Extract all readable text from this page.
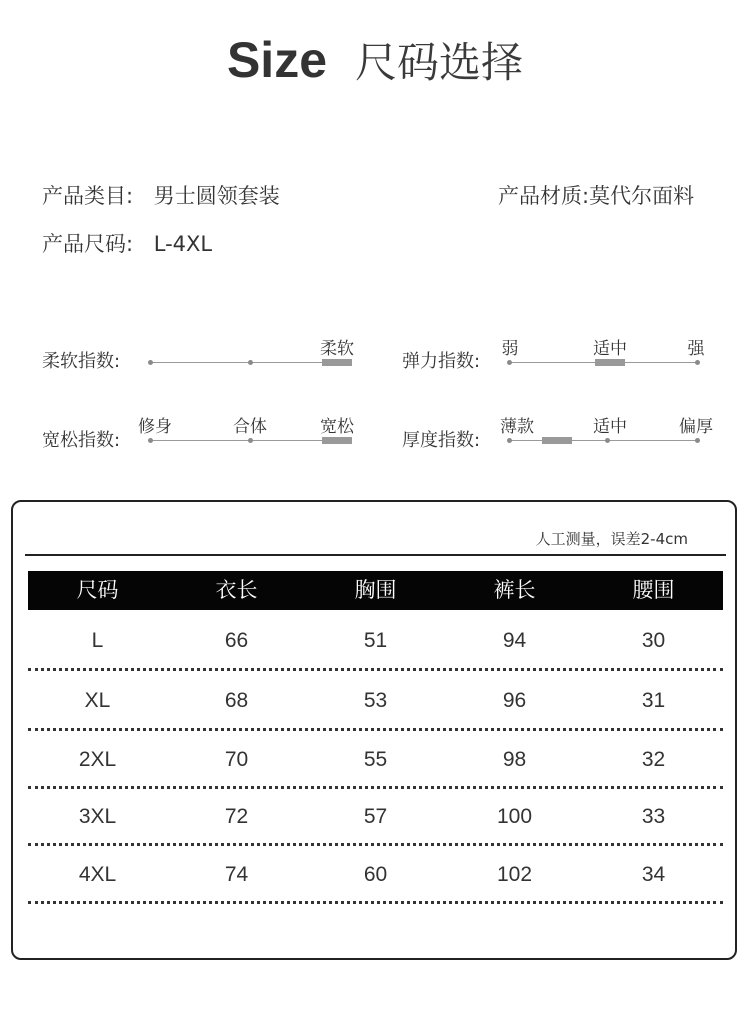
Size 尺码选择
产品类目: 男士圆领套装	产品材质:莫代尔面料
产品尺码: L-4XL
柔软指数:
柔软
弹力指数:
弱	适中	强
宽松指数:
修身	合体	宽松
厚度指数:
薄款	适中	偏厚
人工测量，误差2-4cm
尺码	衣长	胸围	裤长	腰围
L	66	51	94	30
XL	68	53	96	31
2XL	70	55	98	32
3XL	72	57	100	33
4XL	74	60	102	34
